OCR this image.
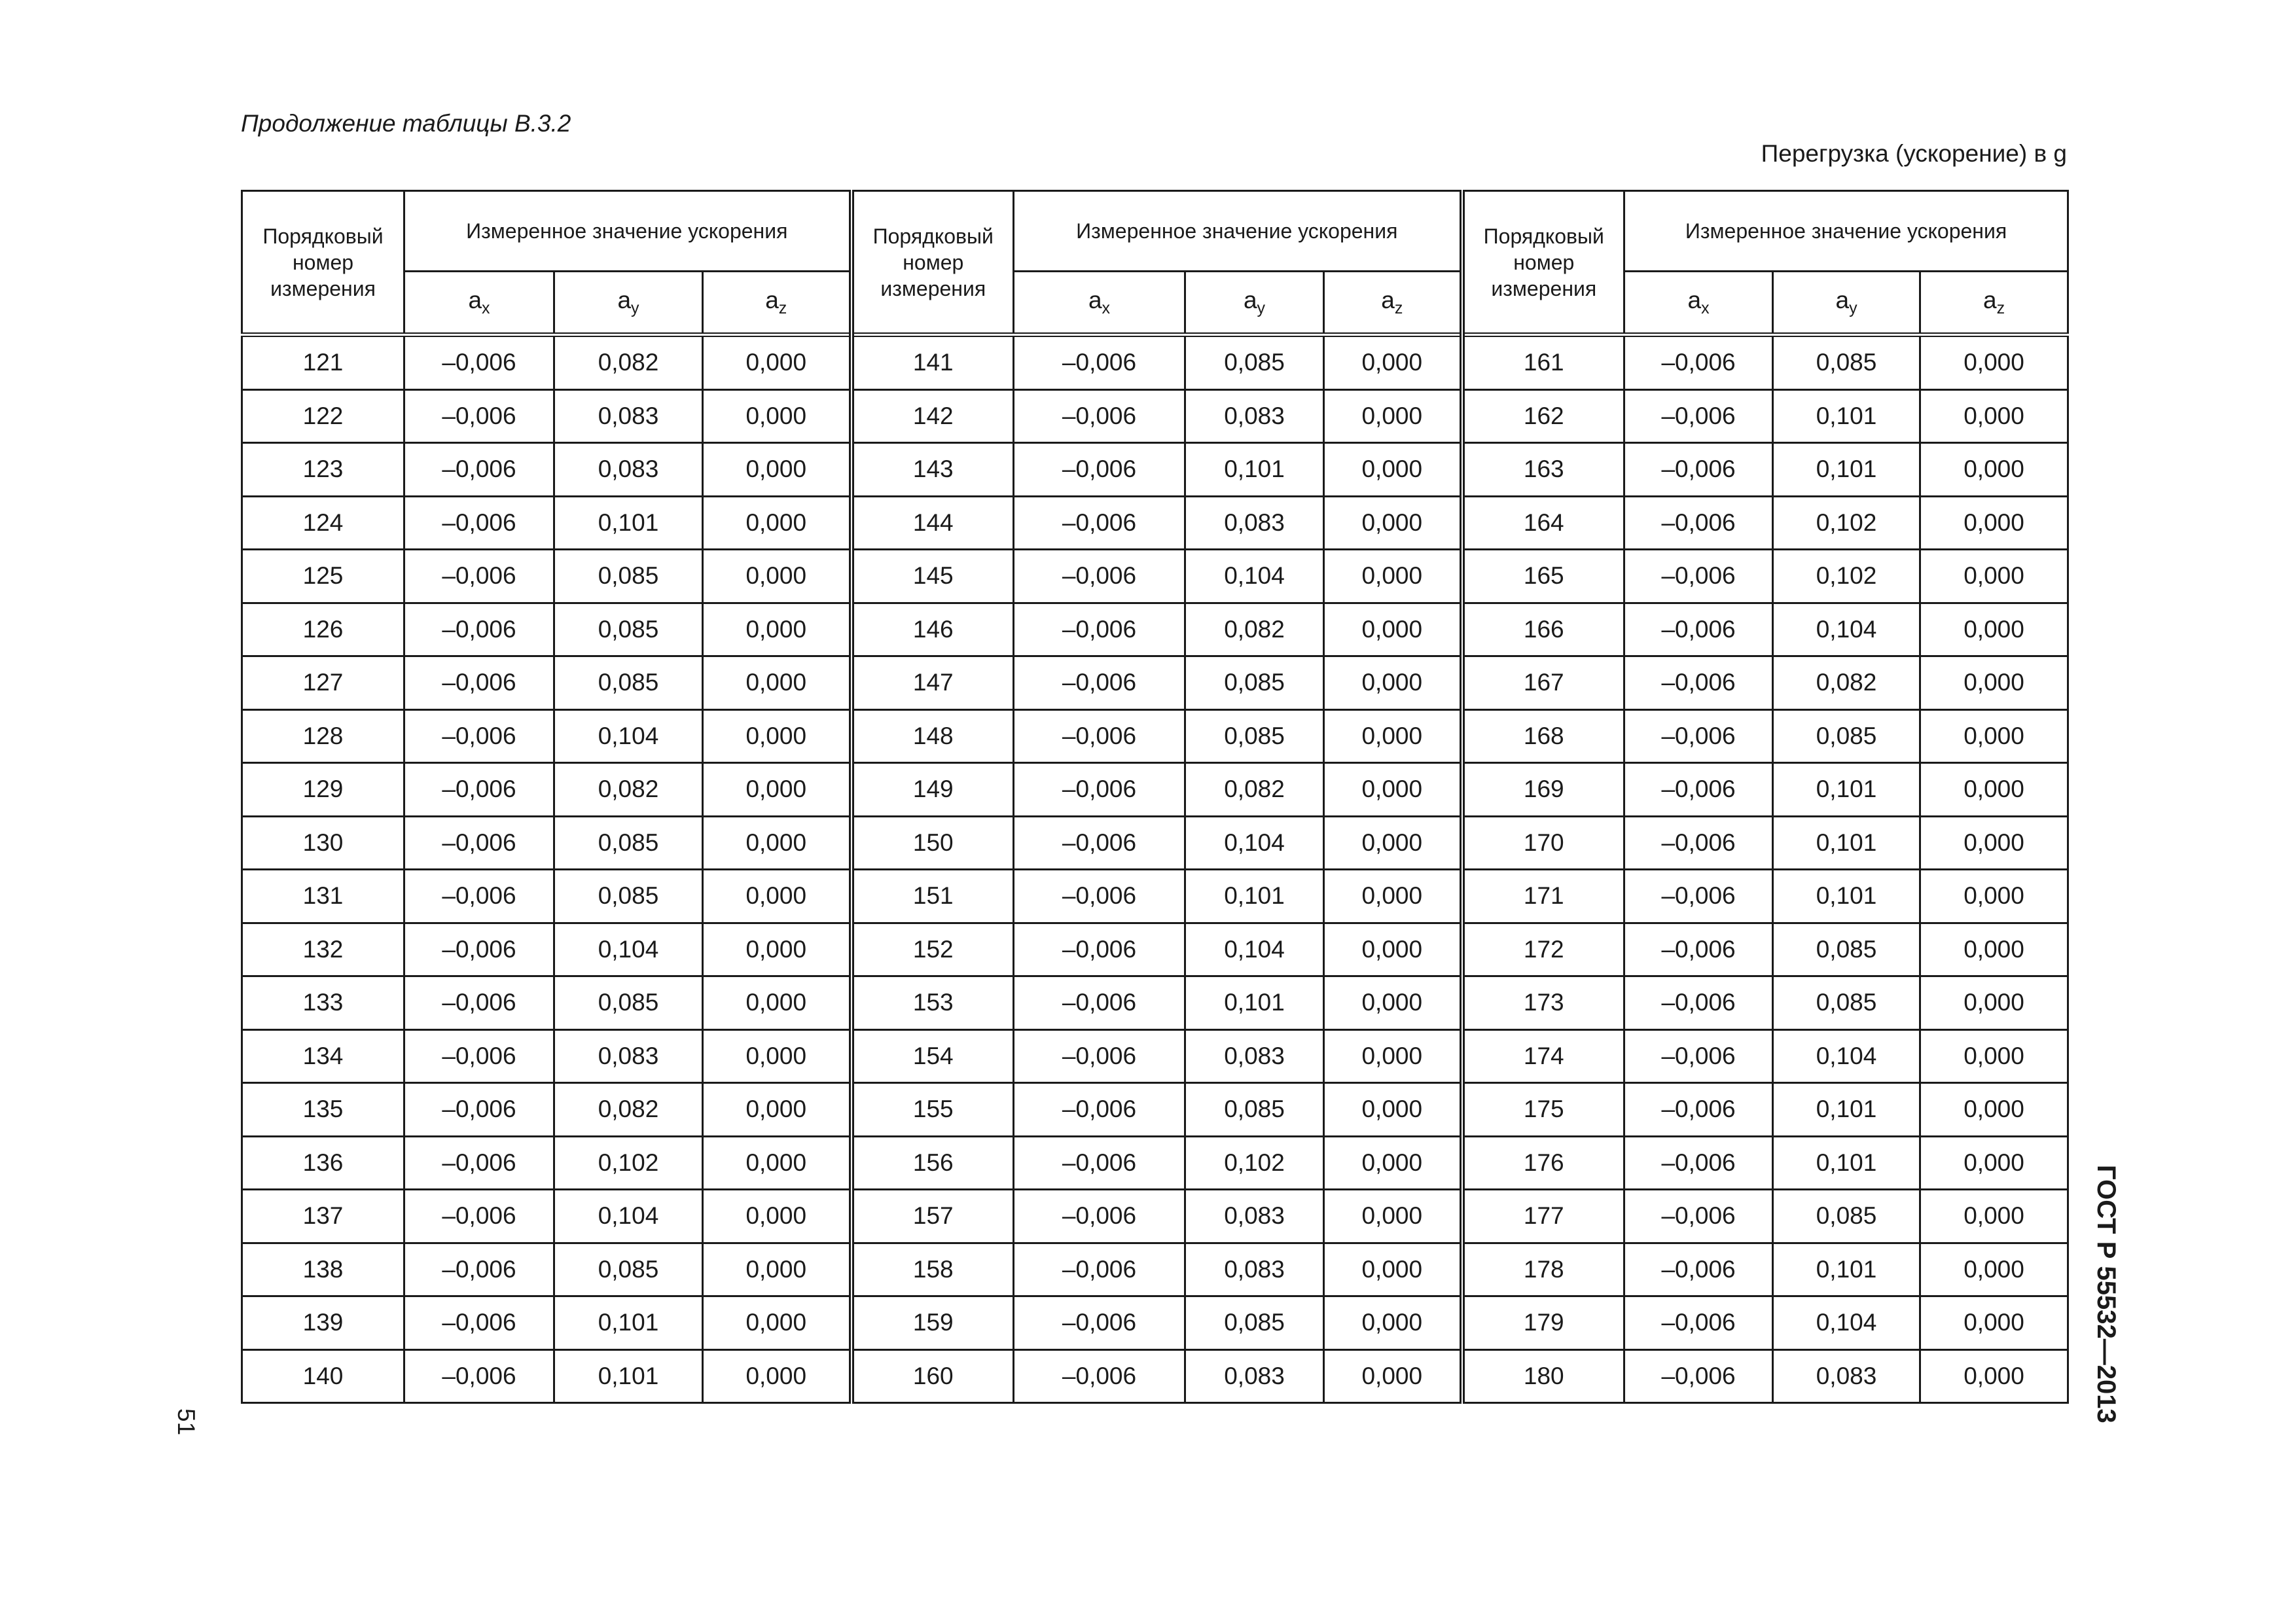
Продолжение таблицы В.3.2
Перегрузка (ускорение) в g
Порядковый номер измерения	Измеренное значение ускорения			Порядковый номер измерения	Измеренное значение ускорения			Порядковый номер измерения	Измеренное значение ускорения		
	$a_x$	$a_y$	$a_z$		$a_x$	$a_y$	$a_z$		$a_x$	$a_y$	$a_z$
121	–0,006	0,082	0,000	141	–0,006	0,085	0,000	161	–0,006	0,085	0,000
122	–0,006	0,083	0,000	142	–0,006	0,083	0,000	162	–0,006	0,101	0,000
123	–0,006	0,083	0,000	143	–0,006	0,101	0,000	163	–0,006	0,101	0,000
124	–0,006	0,101	0,000	144	–0,006	0,083	0,000	164	–0,006	0,102	0,000
125	–0,006	0,085	0,000	145	–0,006	0,104	0,000	165	–0,006	0,102	0,000
126	–0,006	0,085	0,000	146	–0,006	0,082	0,000	166	–0,006	0,104	0,000
127	–0,006	0,085	0,000	147	–0,006	0,085	0,000	167	–0,006	0,082	0,000
128	–0,006	0,104	0,000	148	–0,006	0,085	0,000	168	–0,006	0,085	0,000
129	–0,006	0,082	0,000	149	–0,006	0,082	0,000	169	–0,006	0,101	0,000
130	–0,006	0,085	0,000	150	–0,006	0,104	0,000	170	–0,006	0,101	0,000
131	–0,006	0,085	0,000	151	–0,006	0,101	0,000	171	–0,006	0,101	0,000
132	–0,006	0,104	0,000	152	–0,006	0,104	0,000	172	–0,006	0,085	0,000
133	–0,006	0,085	0,000	153	–0,006	0,101	0,000	173	–0,006	0,085	0,000
134	–0,006	0,083	0,000	154	–0,006	0,083	0,000	174	–0,006	0,104	0,000
135	–0,006	0,082	0,000	155	–0,006	0,085	0,000	175	–0,006	0,101	0,000
136	–0,006	0,102	0,000	156	–0,006	0,102	0,000	176	–0,006	0,101	0,000
137	–0,006	0,104	0,000	157	–0,006	0,083	0,000	177	–0,006	0,085	0,000
138	–0,006	0,085	0,000	158	–0,006	0,083	0,000	178	–0,006	0,101	0,000
139	–0,006	0,101	0,000	159	–0,006	0,085	0,000	179	–0,006	0,104	0,000
140	–0,006	0,101	0,000	160	–0,006	0,083	0,000	180	–0,006	0,083	0,000	ГОСТ Р 55532—2013
51
